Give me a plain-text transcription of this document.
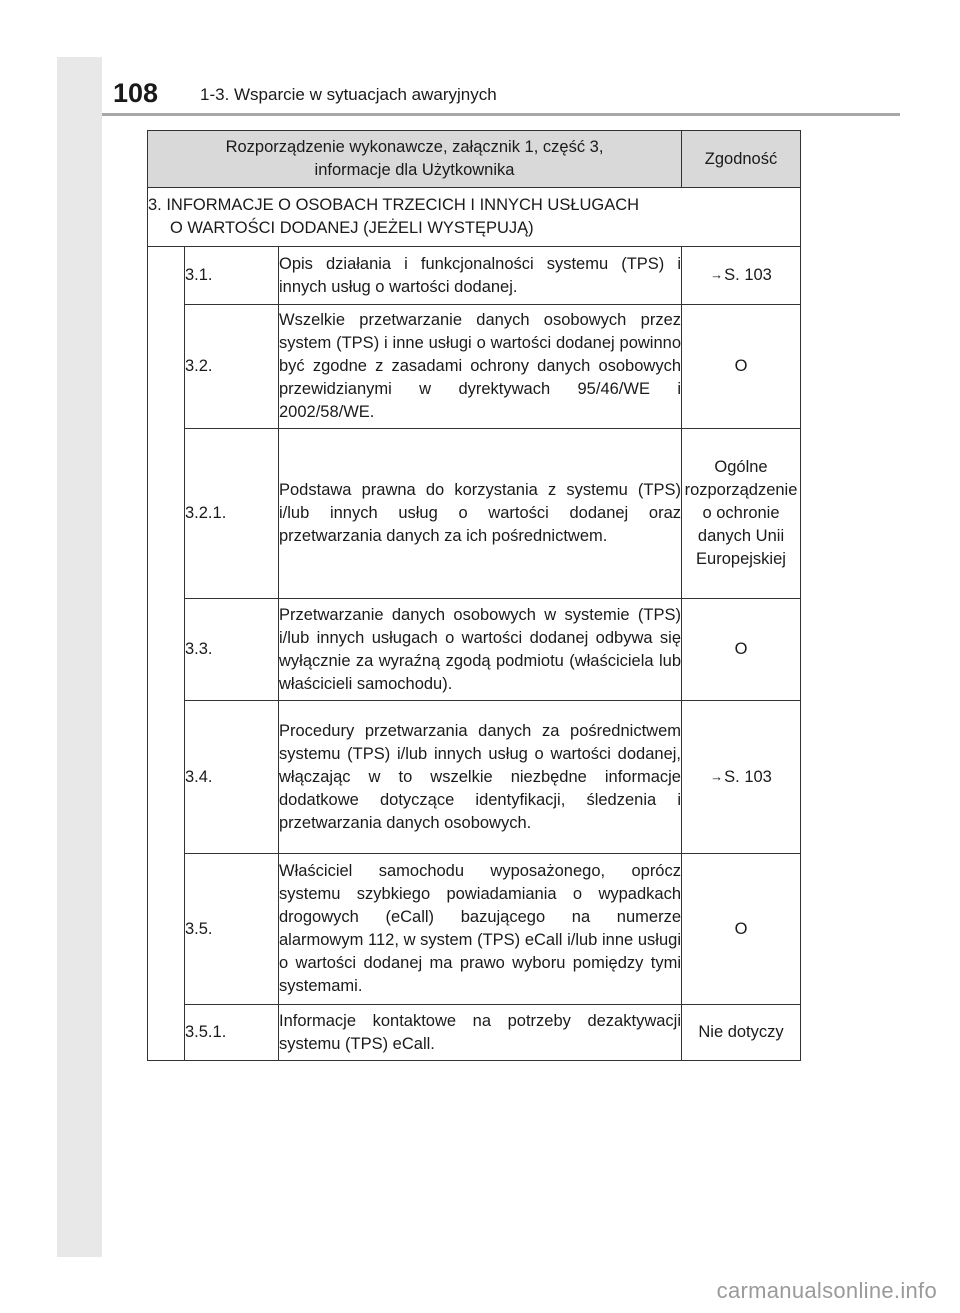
108 1-3. Wsparcie w sytuacjach awaryjnych
Rozporządzenie wykonawcze, załącznik 1, część 3,
informacje dla Użytkownika			Zgodność
3. INFORMACJE O OSOBACH TRZECICH I INNYCH USŁUGACH
O WARTOŚCI DODANEJ (JEŻELI WYSTĘPUJĄ)			

	3.1.	Opis działania i funkcjonalności systemu (TPS) i innych usług o wartości dodanej.	→S. 103
	3.2.	Wszelkie przetwarzanie danych osobowych przez system (TPS) i inne usługi o wartości dodanej powinno być zgodne z zasadami ochrony danych osobowych przewidzianymi w dyrektywach 95/46/WE i 2002/58/WE.	O
	3.2.1.	Podstawa prawna do korzystania z systemu (TPS) i/lub innych usług o wartości dodanej oraz przetwarzania danych za ich pośrednictwem.	Ogólne rozporządzenie o ochronie danych Unii Europejskiej
	3.3.	Przetwarzanie danych osobowych w systemie (TPS) i/lub innych usługach o wartości dodanej odbywa się wyłącznie za wyraźną zgodą podmiotu (właściciela lub właścicieli samochodu).	O
	3.4.	Procedury przetwarzania danych za pośrednictwem systemu (TPS) i/lub innych usług o wartości dodanej, włączając w to wszelkie niezbędne informacje dodatkowe dotyczące identyfikacji, śledzenia i przetwarzania danych osobowych.	→S. 103
	3.5.	Właściciel samochodu wyposażonego, oprócz systemu szybkiego powiadamiania o wypadkach drogowych (eCall) bazującego na numerze alarmowym 112, w system (TPS) eCall i/lub inne usługi o wartości dodanej ma prawo wyboru pomiędzy tymi systemami.	O
	3.5.1.	Informacje kontaktowe na potrzeby dezaktywacji systemu (TPS) eCall.	Nie dotyczy
carmanualsonline.info
